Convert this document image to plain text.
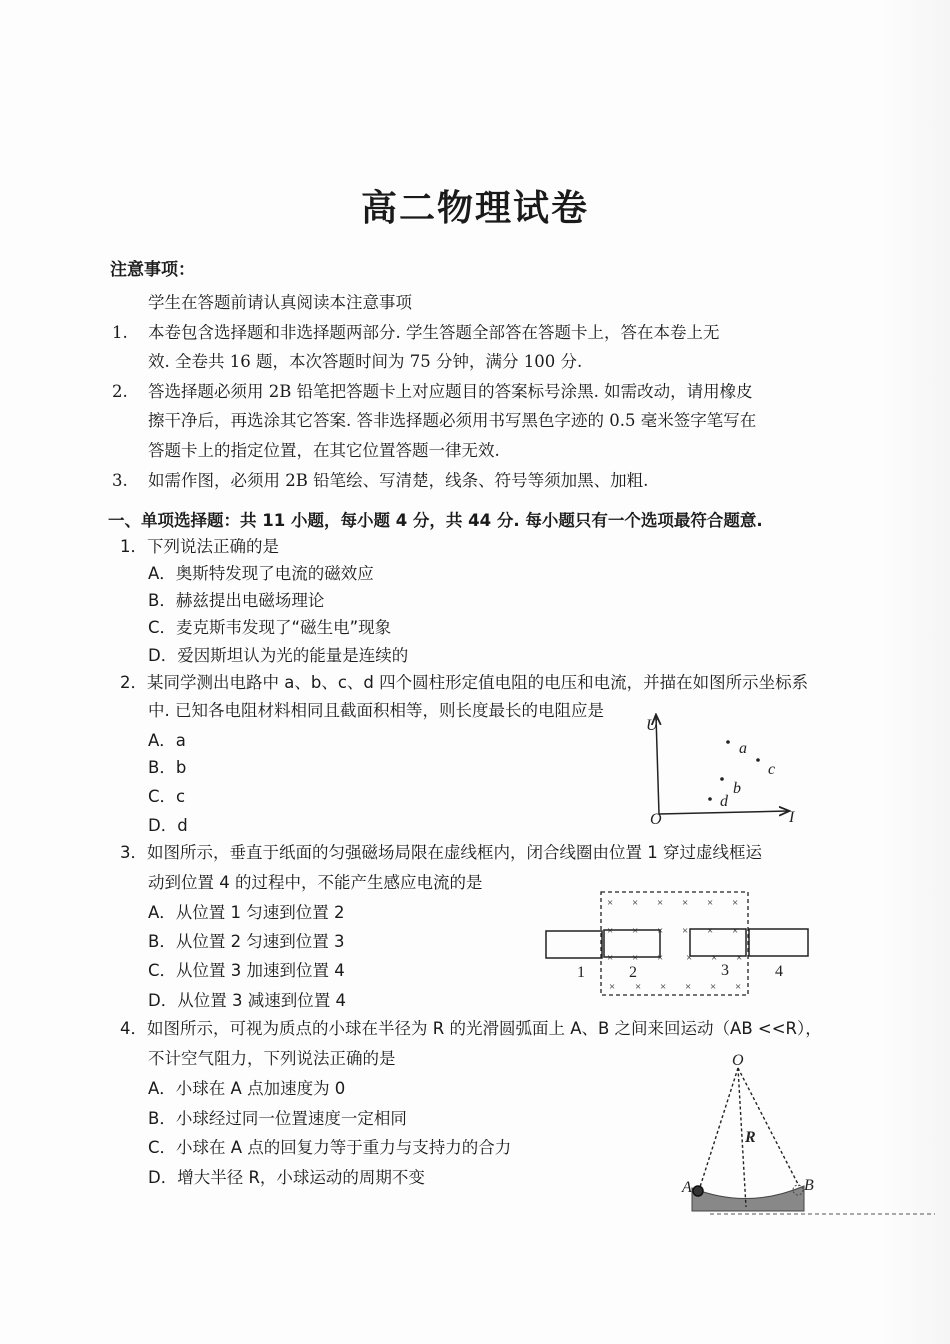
高二物理试卷
注意事项：
学生在答题前请认真阅读本注意事项
1. 本卷包含选择题和非选择题两部分. 学生答题全部答在答题卡上，答在本卷上无
效. 全卷共 16 题，本次答题时间为 75 分钟，满分 100 分.
2. 答选择题必须用 2B 铅笔把答题卡上对应题目的答案标号涂黑. 如需改动，请用橡皮
擦干净后，再选涂其它答案. 答非选择题必须用书写黑色字迹的 0.5 毫米签字笔写在
答题卡上的指定位置，在其它位置答题一律无效.
3. 如需作图，必须用 2B 铅笔绘、写清楚，线条、符号等须加黑、加粗.
一、单项选择题：共 11 小题，每小题 4 分，共 44 分. 每小题只有一个选项最符合题意.
1．下列说法正确的是
A．奥斯特发现了电流的磁效应
B．赫兹提出电磁场理论
C．麦克斯韦发现了“磁生电”现象
D．爱因斯坦认为光的能量是连续的
2．某同学测出电路中 a、b、c、d 四个圆柱形定值电阻的电压和电流，并描在如图所示坐标系
中. 已知各电阻材料相同且截面积相等，则长度最长的电阻应是
A．a
B．b
C．c
D．d
3．如图所示，垂直于纸面的匀强磁场局限在虚线框内，闭合线圈由位置 1 穿过虚线框运
动到位置 4 的过程中，不能产生感应电流的是
A．从位置 1 匀速到位置 2
B．从位置 2 匀速到位置 3
C．从位置 3 加速到位置 4
D．从位置 3 减速到位置 4
4．如图所示，可视为质点的小球在半径为 R 的光滑圆弧面上 A、B 之间来回运动（AB <<R），
不计空气阻力，下列说法正确的是
A．小球在 A 点加速度为 0
B．小球经过同一位置速度一定相同
C．小球在 A 点的回复力等于重力与支持力的合力
D．增大半径 R，小球运动的周期不变
U
I
O
a
c
b
d
× × × × × ×
× × × × × ×
× × × × × ×
× × × × × ×
1	2	3	4
O
R
A	B
